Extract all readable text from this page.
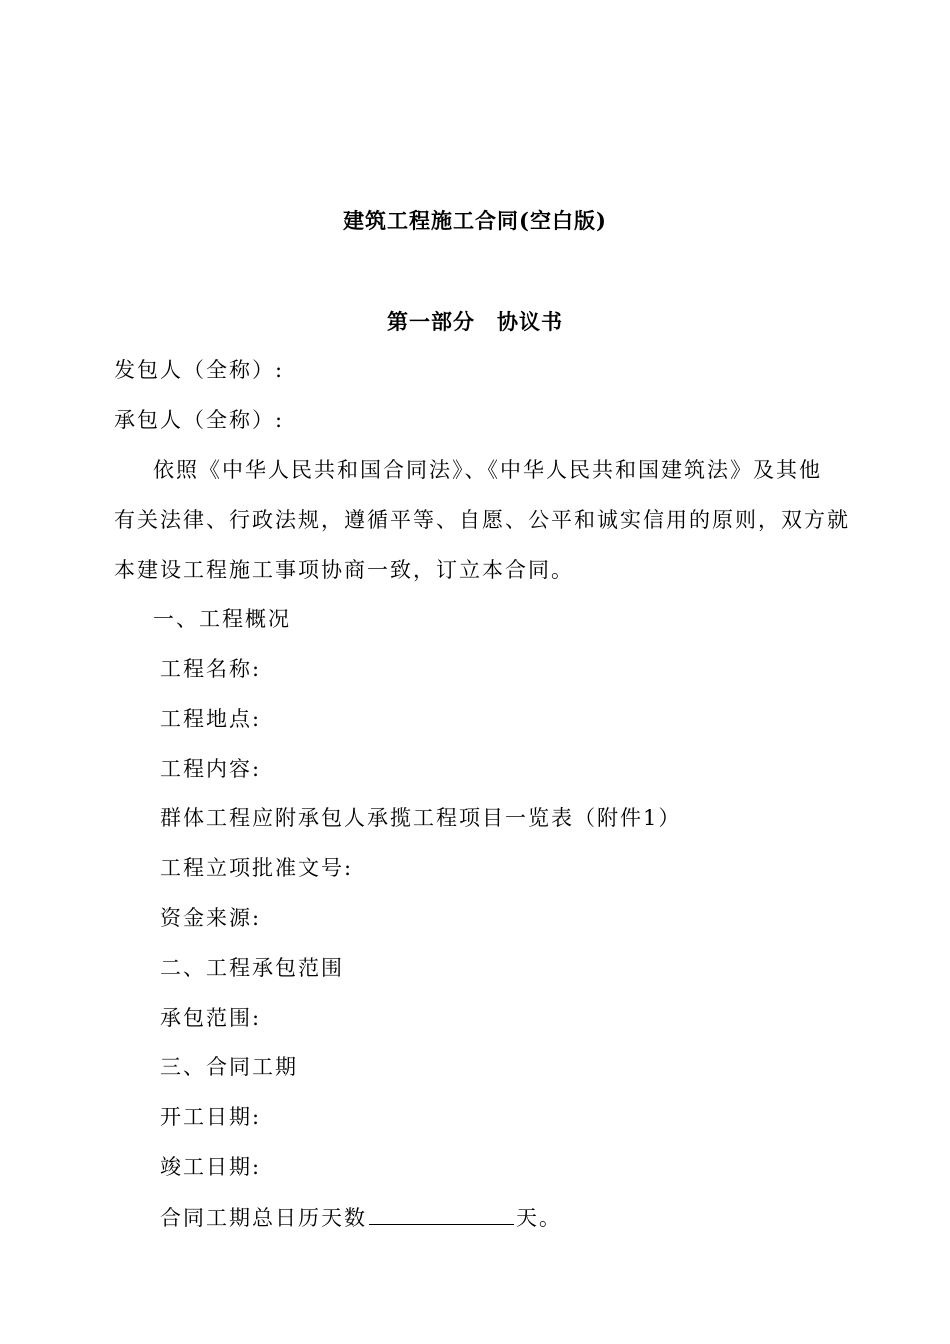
建筑工程施工合同(空白版)
第一部分　协议书
发包人（全称）:
承包人（全称）:
依照《中华人民共和国合同法》、《中华人民共和国建筑法》及其他
有关法律、行政法规，遵循平等、自愿、公平和诚实信用的原则，双方就
本建设工程施工事项协商一致，订立本合同。
一、工程概况
工程名称:
工程地点:
工程内容:
群体工程应附承包人承揽工程项目一览表（附件1）
工程立项批准文号:
资金来源:
二、工程承包范围
承包范围:
三、合同工期
开工日期:
竣工日期:
合同工期总日历天数	天。
